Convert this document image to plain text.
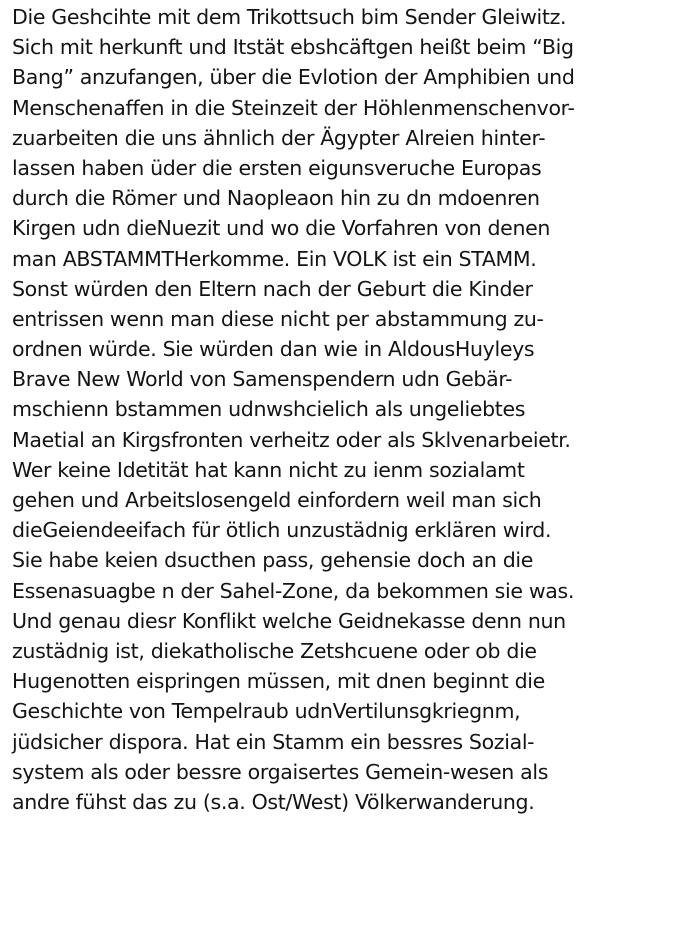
Die Geshcihte mit dem Trikottsuch bim Sender Gleiwitz.
Sich mit herkunft und Itstät ebshcäftgen heißt beim “Big
Bang” anzufangen, über die Evlotion der Amphibien und
Menschenaffen in die Steinzeit der Höhlenmenschenvor-
zuarbeiten die uns ähnlich der Ägypter Alreien hinter-
lassen haben üder die ersten eigunsveruche Europas
durch die Römer und Naopleaon hin zu dn mdoenren
Kirgen udn dieNuezit und wo die Vorfahren von denen
man ABSTAMMTHerkomme. Ein VOLK ist ein STAMM.
Sonst würden den Eltern nach der Geburt die Kinder
entrissen wenn man diese nicht per abstammung zu-
ordnen würde. Sie würden dan wie in AldousHuyleys
Brave New World von Samenspendern udn Gebär-
mschienn bstammen udnwshcielich als ungeliebtes
Maetial an Kirgsfronten verheitz oder als Sklvenarbeietr.
Wer keine Idetität hat kann nicht zu ienm sozialamt
gehen und Arbeitslosengeld einfordern weil man sich
dieGeiendeeifach für ötlich unzustädnig erklären wird.
Sie habe keien dsucthen pass, gehensie doch an die
Essenasuagbe n der Sahel-Zone, da bekommen sie was.
Und genau diesr Konflikt welche Geidnekasse denn nun
zustädnig ist, diekatholische Zetshcuene oder ob die
Hugenotten eispringen müssen, mit dnen beginnt die
Geschichte von Tempelraub udnVertilunsgkriegnm,
jüdsicher dispora. Hat ein Stamm ein bessres Sozial-
system als oder bessre orgaisertes Gemein-wesen als
andre fühst das zu (s.a. Ost/West) Völkerwanderung.
